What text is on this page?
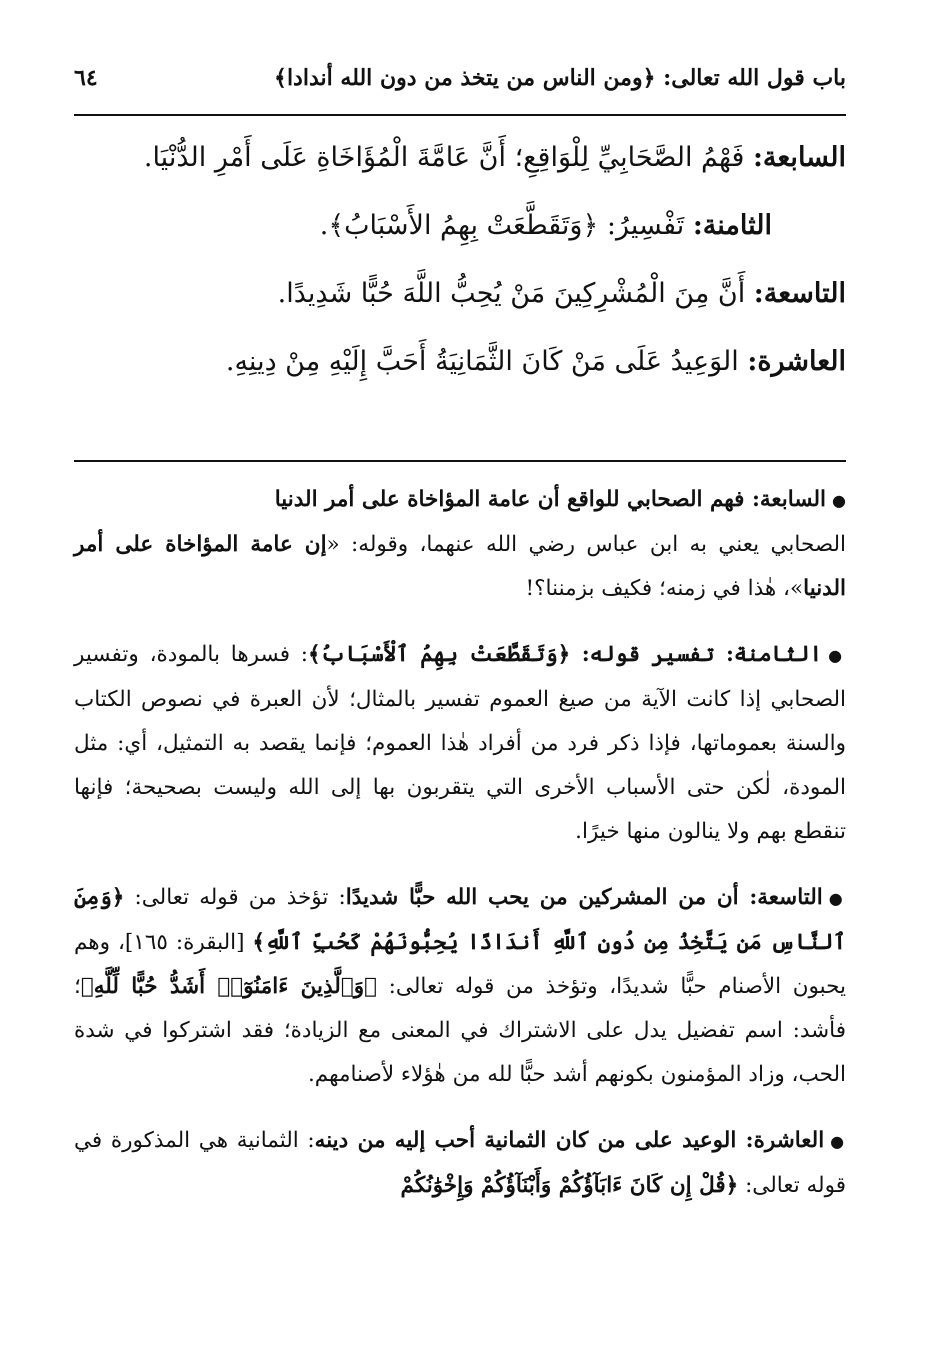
باب قول الله تعالى: ﴿ومن الناس من يتخذ من دون الله أندادا﴾
٦٤

السابعة: فَهْمُ الصَّحَابِيِّ لِلْوَاقِعِ؛ أَنَّ عَامَّةَ الْمُؤَاخَاةِ عَلَى أَمْرِ الدُّنْيَا.

الثامنة: تَفْسِيرُ: ﴿وَتَقَطَّعَتْ بِهِمُ الأَسْبَابُ﴾.

التاسعة: أَنَّ مِنَ الْمُشْرِكِينَ مَنْ يُحِبُّ اللَّهَ حُبًّا شَدِيدًا.

العاشرة: الوَعِيدُ عَلَى مَنْ كَانَ الثَّمَانِيَةُ أَحَبَّ إِلَيْهِ مِنْ دِينِهِ.

●السابعة: فهم الصحابي للواقع أن عامة المؤاخاة على أمر الدنيا
الصحابي يعني به ابن عباس رضي الله عنهما، وقوله: «إن عامة المؤاخاة على أمر الدنيا»، هٰذا في زمنه؛ فكيف بزمننا؟!

●الثامنة: تفسير قوله: ﴿وَتَقَطَّعَتْ بِهِمُ ٱلْأَسْبَابُ﴾: فسرها بالمودة، وتفسير الصحابي إذا كانت الآية من صيغ العموم تفسير بالمثال؛ لأن العبرة في نصوص الكتاب والسنة بعموماتها، فإذا ذكر فرد من أفراد هٰذا العموم؛ فإنما يقصد به التمثيل، أي: مثل المودة، لٰكن حتى الأسباب الأخرى التي يتقربون بها إلى الله وليست بصحيحة؛ فإنها تنقطع بهم ولا ينالون منها خيرًا.

●التاسعة: أن من المشركين من يحب الله حبًّا شديدًا: تؤخذ من قوله تعالى: ﴿وَمِنَ ٱلنَّاسِ مَن يَتَّخِذُ مِن دُونِ ٱللَّهِ أَندَادًا يُحِبُّونَهُمْ كَحُبِّ ٱللَّهِ﴾ [البقرة: ١٦٥]، وهم يحبون الأصنام حبًّا شديدًا، وتؤخذ من قوله تعالى: ﴿وَٱلَّذِينَ ءَامَنُوٓا۟ أَشَدُّ حُبًّا لِّلَّهِ﴾؛ فأشد: اسم تفضيل يدل على الاشتراك في المعنى مع الزيادة؛ فقد اشتركوا في شدة الحب، وزاد المؤمنون بكونهم أشد حبًّا لله من هٰؤلاء لأصنامهم.

●العاشرة: الوعيد على من كان الثمانية أحب إليه من دينه: الثمانية هي المذكورة في قوله تعالى: ﴿قُلْ إِن كَانَ ءَابَآؤُكُمْ وَأَبْنَآؤُكُمْ وَإِخْوَٰنُكُمْ
